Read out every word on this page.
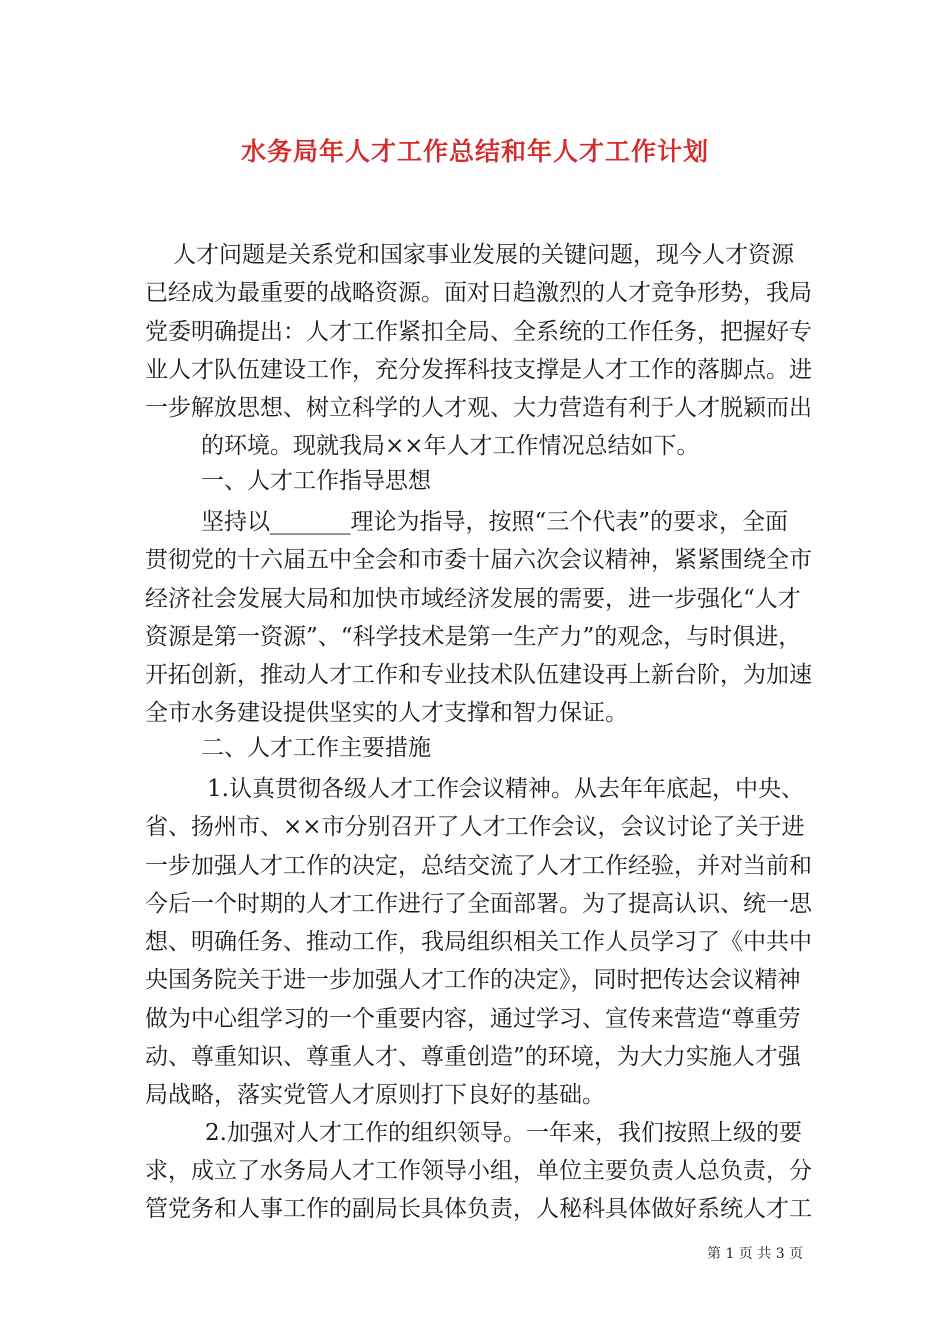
水务局年人才工作总结和年人才工作计划

人才问题是关系党和国家事业发展的关键问题，现今人才资源

已经成为最重要的战略资源。面对日趋激烈的人才竞争形势，我局

党委明确提出：人才工作紧扣全局、全系统的工作任务，把握好专

业人才队伍建设工作，充分发挥科技支撑是人才工作的落脚点。进

一步解放思想、树立科学的人才观、大力营造有利于人才脱颖而出

的环境。现就我局××年人才工作情况总结如下。

一、人才工作指导思想

坚持以_______理论为指导，按照“三个代表”的要求，全面

贯彻党的十六届五中全会和市委十届六次会议精神，紧紧围绕全市

经济社会发展大局和加快市域经济发展的需要，进一步强化“人才

资源是第一资源”、“科学技术是第一生产力”的观念，与时俱进，

开拓创新，推动人才工作和专业技术队伍建设再上新台阶，为加速

全市水务建设提供坚实的人才支撑和智力保证。

二、人才工作主要措施

1.认真贯彻各级人才工作会议精神。从去年年底起，中央、

省、扬州市、××市分别召开了人才工作会议，会议讨论了关于进

一步加强人才工作的决定，总结交流了人才工作经验，并对当前和

今后一个时期的人才工作进行了全面部署。为了提高认识、统一思

想、明确任务、推动工作，我局组织相关工作人员学习了《中共中

央国务院关于进一步加强人才工作的决定》，同时把传达会议精神

做为中心组学习的一个重要内容，通过学习、宣传来营造“尊重劳

动、尊重知识、尊重人才、尊重创造”的环境，为大力实施人才强

局战略，落实党管人才原则打下良好的基础。

2.加强对人才工作的组织领导。一年来，我们按照上级的要

求，成立了水务局人才工作领导小组，单位主要负责人总负责，分

管党务和人事工作的副局长具体负责，人秘科具体做好系统人才工

第 1 页 共 3 页
